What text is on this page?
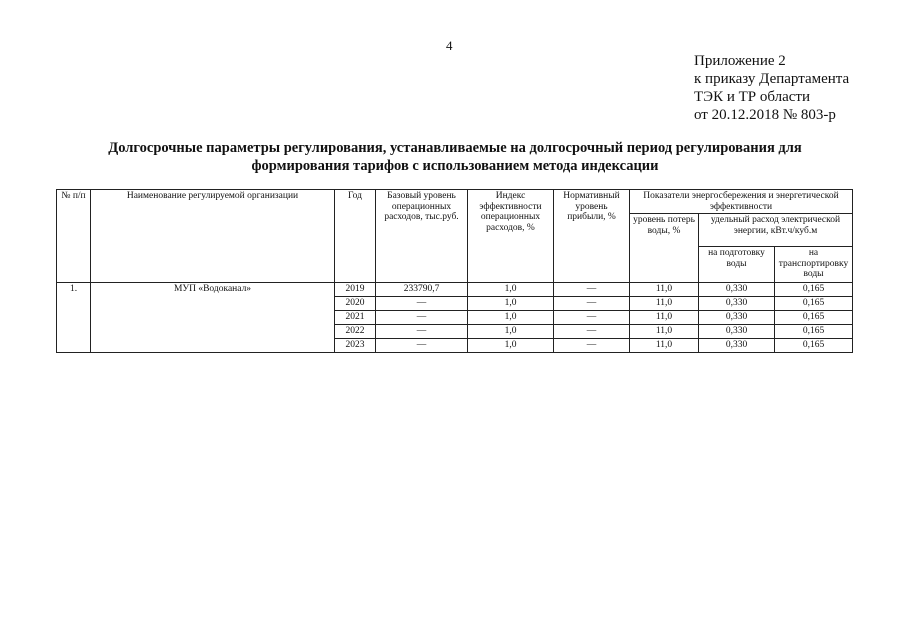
4
Приложение 2
к приказу Департамента
ТЭК и ТР области
от 20.12.2018 № 803-р
Долгосрочные параметры регулирования, устанавливаемые на долгосрочный период регулирования для
формирования тарифов с использованием метода индексации
№ п/п	Наименование регулируемой организации	Год	Базовый уровень операционных расходов, тыс.руб.	Индекс эффективности операционных расходов, %	Нормативный уровень прибыли, %	Показатели энергосбережения и энергетической эффективности		
						уровень потерь воды, %	удельный расход электрической энергии, кВт.ч/куб.м	
							на подготовку воды	на транспортировку воды
1.	МУП «Водоканал»	2019	233790,7	1,0	—	11,0	0,330	0,165
		2020	—	1,0	—	11,0	0,330	0,165
		2021	—	1,0	—	11,0	0,330	0,165
		2022	—	1,0	—	11,0	0,330	0,165
		2023	—	1,0	—	11,0	0,330	0,165
